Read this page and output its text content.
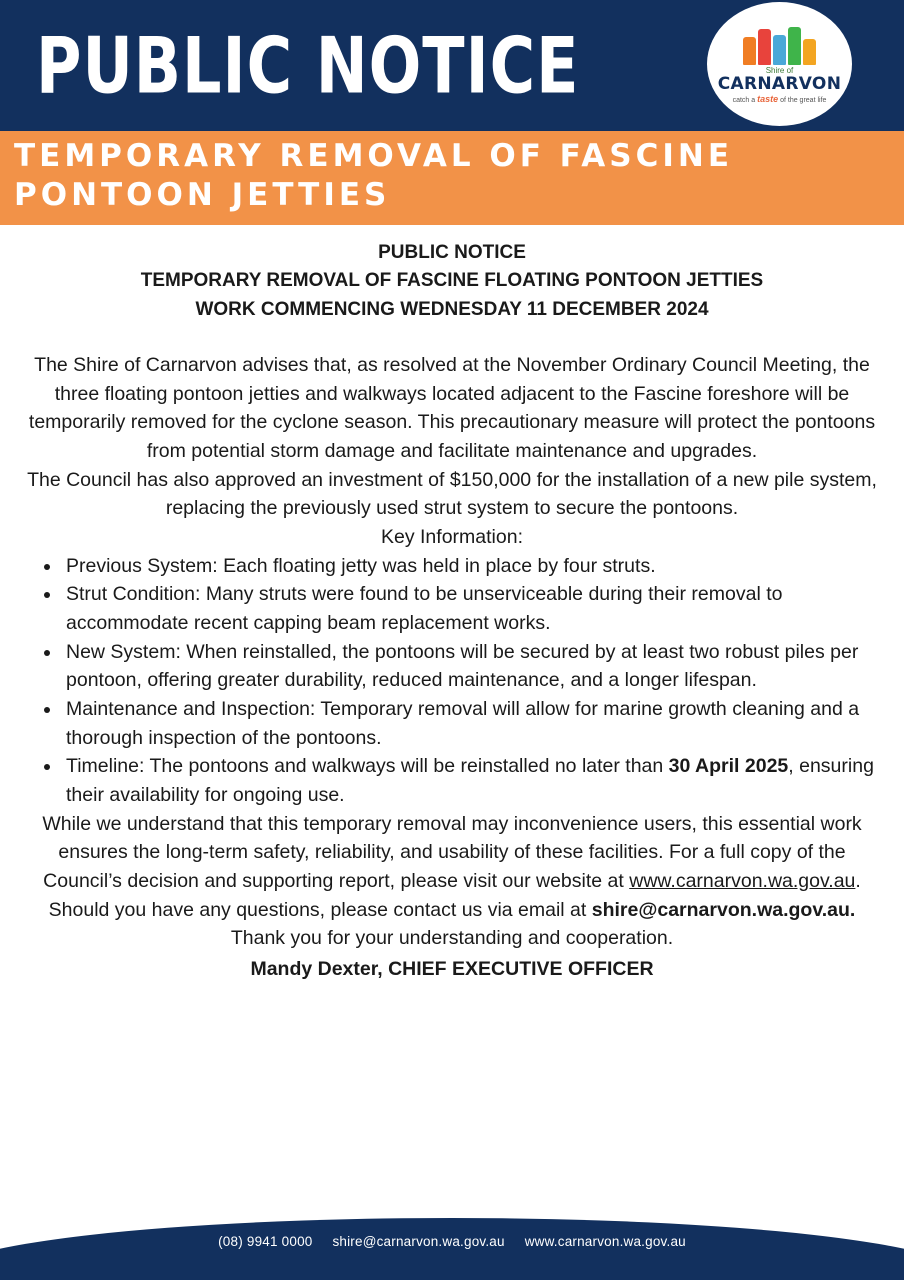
PUBLIC NOTICE	Shire of
CARNARVON
catch a taste of the great life
TEMPORARY REMOVAL OF FASCINE PONTOON JETTIES
PUBLIC NOTICE
TEMPORARY REMOVAL OF FASCINE FLOATING PONTOON JETTIES
WORK COMMENCING WEDNESDAY 11 DECEMBER 2024

The Shire of Carnarvon advises that, as resolved at the November Ordinary Council Meeting, the three floating pontoon jetties and walkways located adjacent to the Fascine foreshore will be temporarily removed for the cyclone season. This precautionary measure will protect the pontoons from potential storm damage and facilitate maintenance and upgrades.

The Council has also approved an investment of $150,000 for the installation of a new pile system, replacing the previously used strut system to secure the pontoons.

Key Information:

• Previous System: Each floating jetty was held in place by four struts.
• Strut Condition: Many struts were found to be unserviceable during their removal to accommodate recent capping beam replacement works.
• New System: When reinstalled, the pontoons will be secured by at least two robust piles per pontoon, offering greater durability, reduced maintenance, and a longer lifespan.
• Maintenance and Inspection: Temporary removal will allow for marine growth cleaning and a thorough inspection of the pontoons.
• Timeline: The pontoons and walkways will be reinstalled no later than 30 April 2025, ensuring their availability for ongoing use.

While we understand that this temporary removal may inconvenience users, this essential work ensures the long-term safety, reliability, and usability of these facilities. For a full copy of the Council’s decision and supporting report, please visit our website at www.carnarvon.wa.gov.au. Should you have any questions, please contact us via email at shire@carnarvon.wa.gov.au.

Thank you for your understanding and cooperation.

Mandy Dexter, CHIEF EXECUTIVE OFFICER
(08) 9941 0000 shire@carnarvon.wa.gov.au www.carnarvon.wa.gov.au
